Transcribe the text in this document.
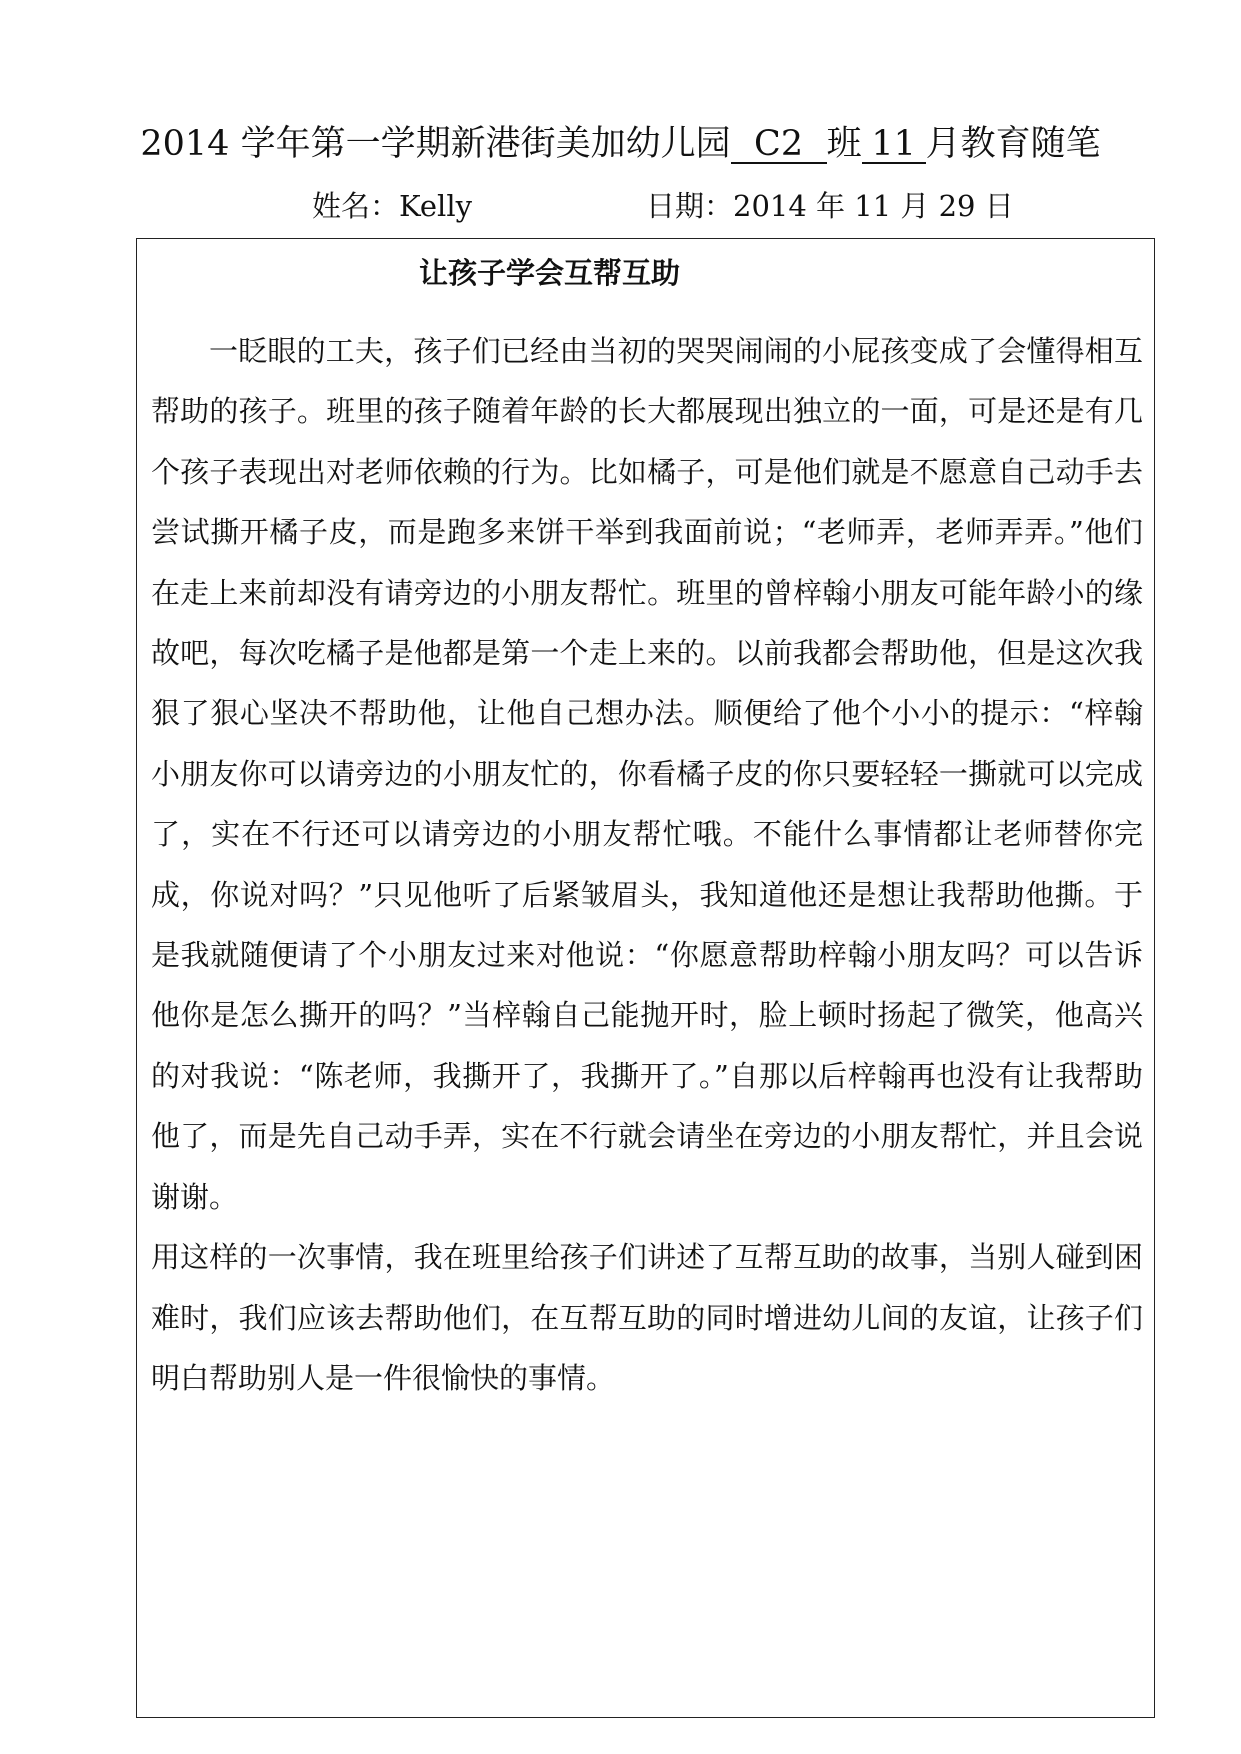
2014 学年第一学期新港街美加幼儿园 C2 班 11 月教育随笔
姓名：Kelly	日期：2014 年 11 月 29 日
让孩子学会互帮互助

一眨眼的工夫，孩子们已经由当初的哭哭闹闹的小屁孩变成了会懂得相互帮助的孩子。班里的孩子随着年龄的长大都展现出独立的一面，可是还是有几个孩子表现出对老师依赖的行为。比如橘子，可是他们就是不愿意自己动手去尝试撕开橘子皮，而是跑多来饼干举到我面前说；“老师弄，老师弄弄。”他们在走上来前却没有请旁边的小朋友帮忙。班里的曾梓翰小朋友可能年龄小的缘故吧，每次吃橘子是他都是第一个走上来的。以前我都会帮助他，但是这次我狠了狠心坚决不帮助他，让他自己想办法。顺便给了他个小小的提示：“梓翰小朋友你可以请旁边的小朋友忙的，你看橘子皮的你只要轻轻一撕就可以完成了，实在不行还可以请旁边的小朋友帮忙哦。不能什么事情都让老师替你完成，你说对吗？”只见他听了后紧皱眉头，我知道他还是想让我帮助他撕。于是我就随便请了个小朋友过来对他说：“你愿意帮助梓翰小朋友吗？可以告诉他你是怎么撕开的吗？”当梓翰自己能抛开时，脸上顿时扬起了微笑，他高兴的对我说：“陈老师，我撕开了，我撕开了。”自那以后梓翰再也没有让我帮助他了，而是先自己动手弄，实在不行就会请坐在旁边的小朋友帮忙，并且会说谢谢。

用这样的一次事情，我在班里给孩子们讲述了互帮互助的故事，当别人碰到困难时，我们应该去帮助他们，在互帮互助的同时增进幼儿间的友谊，让孩子们明白帮助别人是一件很愉快的事情。
